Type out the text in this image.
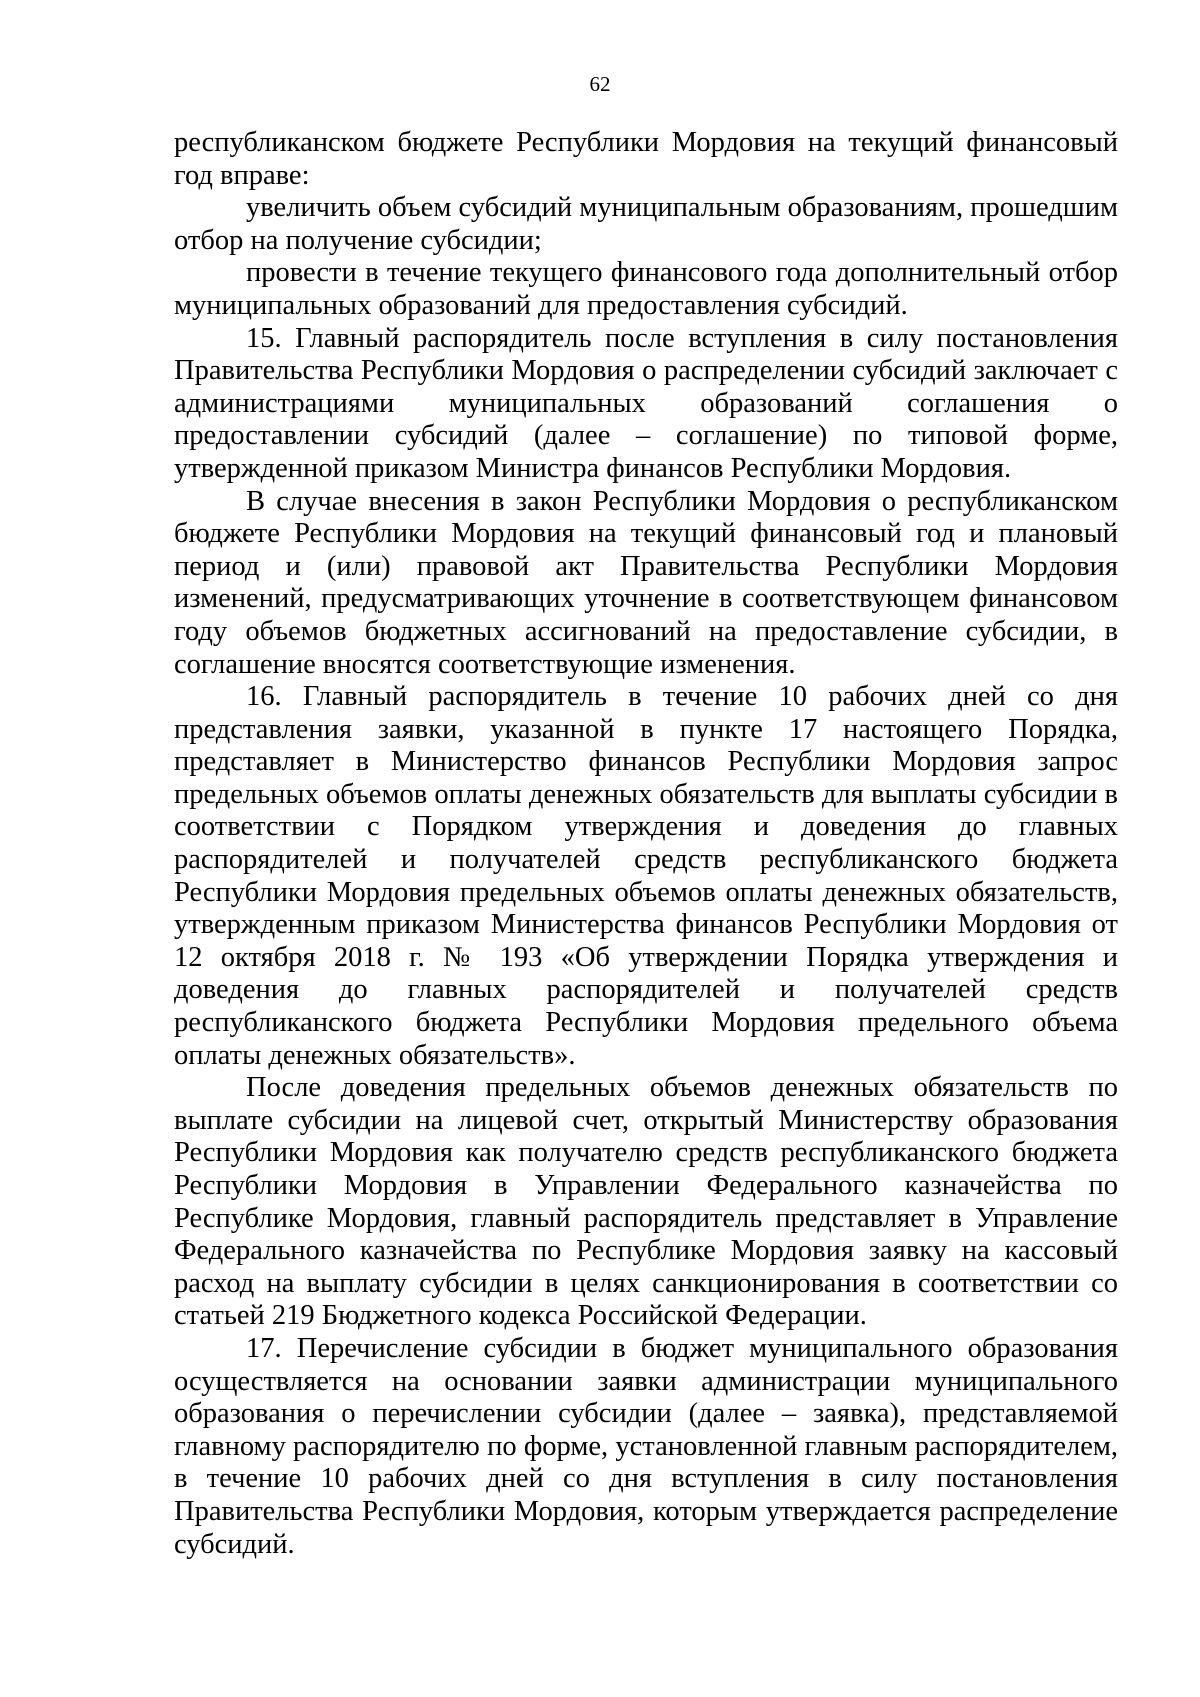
62

республиканском бюджете Республики Мордовия на текущий финансовый год вправе:

увеличить объем субсидий муниципальным образованиям, прошедшим отбор на получение субсидии;

провести в течение текущего финансового года дополнительный отбор муниципальных образований для предоставления субсидий.

15. Главный распорядитель после вступления в силу постановления Правительства Республики Мордовия о распределении субсидий заключает с администрациями муниципальных образований соглашения о предоставлении субсидий (далее – соглашение) по типовой форме, утвержденной приказом Министра финансов Республики Мордовия.

В случае внесения в закон Республики Мордовия о республиканском бюджете Республики Мордовия на текущий финансовый год и плановый период и (или) правовой акт Правительства Республики Мордовия изменений, предусматривающих уточнение в соответствующем финансовом году объемов бюджетных ассигнований на предоставление субсидии, в соглашение вносятся соответствующие изменения.

16. Главный распорядитель в течение 10 рабочих дней со дня представления заявки, указанной в пункте 17 настоящего Порядка, представляет в Министерство финансов Республики Мордовия запрос предельных объемов оплаты денежных обязательств для выплаты субсидии в соответствии с Порядком утверждения и доведения до главных распорядителей и получателей средств республиканского бюджета Республики Мордовия предельных объемов оплаты денежных обязательств, утвержденным приказом Министерства финансов Республики Мордовия от 12 октября 2018 г. № 193 «Об утверждении Порядка утверждения и доведения до главных распорядителей и получателей средств республиканского бюджета Республики Мордовия предельного объема оплаты денежных обязательств».

После доведения предельных объемов денежных обязательств по выплате субсидии на лицевой счет, открытый Министерству образования Республики Мордовия как получателю средств республиканского бюджета Республики Мордовия в Управлении Федерального казначейства по Республике Мордовия, главный распорядитель представляет в Управление Федерального казначейства по Республике Мордовия заявку на кассовый расход на выплату субсидии в целях санкционирования в соответствии со статьей 219 Бюджетного кодекса Российской Федерации.

17. Перечисление субсидии в бюджет муниципального образования осуществляется на основании заявки администрации муниципального образования о перечислении субсидии (далее – заявка), представляемой главному распорядителю по форме, установленной главным распорядителем, в течение 10 рабочих дней со дня вступления в силу постановления Правительства Республики Мордовия, которым утверждается распределение субсидий.
